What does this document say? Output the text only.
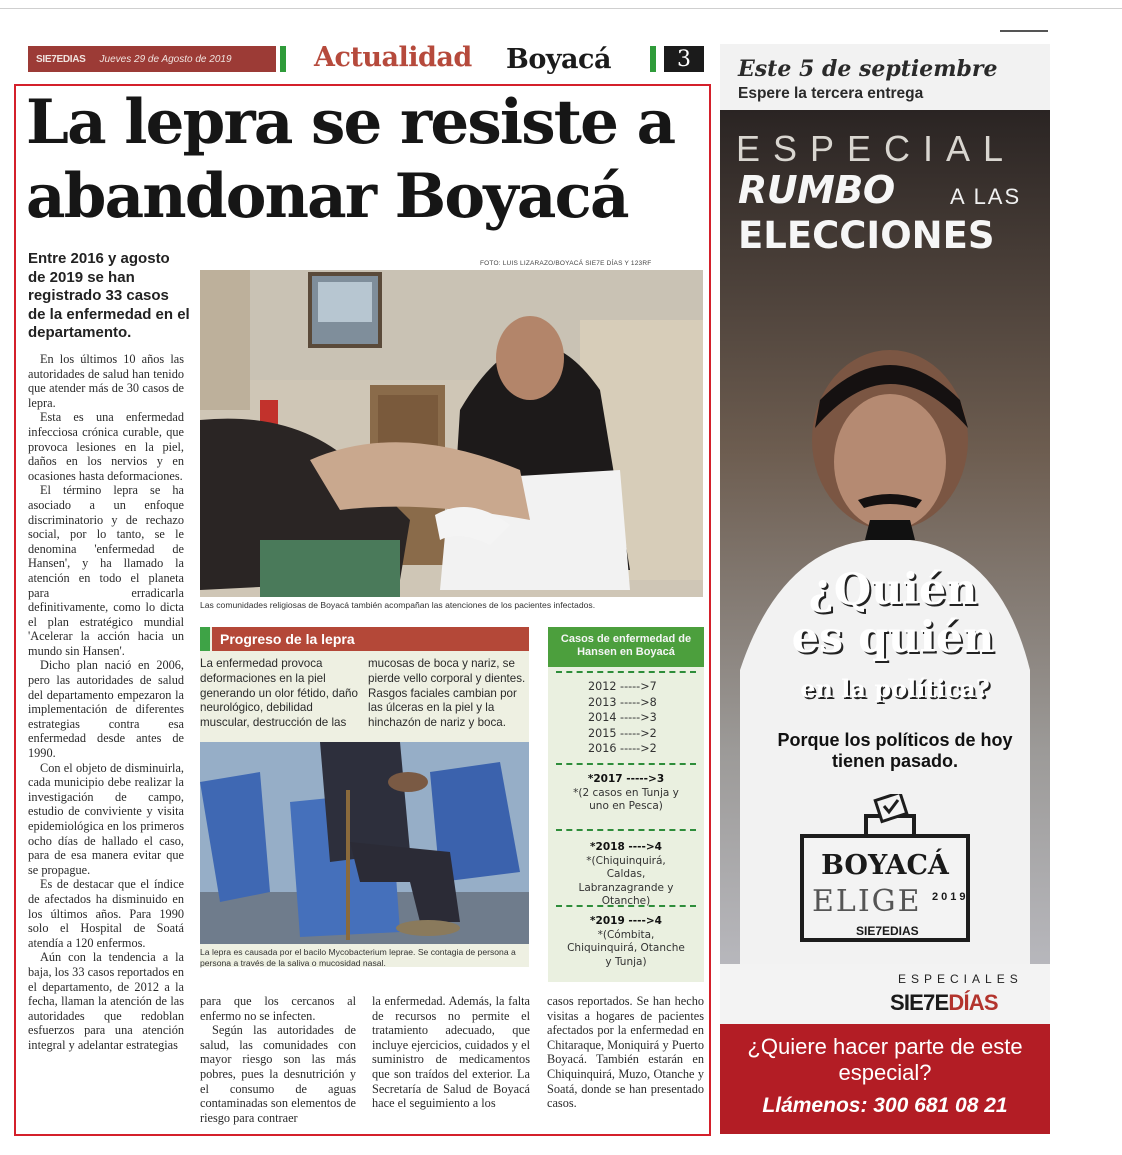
SIE7EDIAS Jueves 29 de Agosto de 2019	Actualidad Boyacá	3
La lepra se resiste a
abandonar Boyacá
Entre 2016 y agosto de 2019 se han registrado 33 casos de la enfermedad en el departamento.
FOTO: LUIS LIZARAZO/BOYACÁ SIE7E DÍAS Y 123RF

En los últimos 10 años las autoridades de salud han tenido que atender más de 30 casos de lepra.

Esta es una enfermedad infecciosa crónica curable, que provoca lesiones en la piel, daños en los nervios y en ocasiones hasta deformaciones.

El término lepra se ha asociado a un enfoque discriminatorio y de rechazo social, por lo tanto, se le denomina 'enfermedad de Hansen', y ha llamado la atención en todo el planeta para erradicarla definitivamente, como lo dicta el plan estratégico mundial 'Acelerar la acción hacia un mundo sin Hansen'.

Dicho plan nació en 2006, pero las autoridades de salud del departamento empezaron la implementación de diferentes estrategias contra esa enfermedad desde antes de 1990.

Con el objeto de disminuirla, cada municipio debe realizar la investigación de campo, estudio de conviviente y visita epidemiológica en los primeros ocho días de hallado el caso, para de esa manera evitar que se propague.

Es de destacar que el índice de afectados ha disminuido en los últimos años. Para 1990 solo el Hospital de Soatá atendía a 120 enfermos.

Aún con la tendencia a la baja, los 33 casos reportados en el departamento, de 2012 a la fecha, llaman la atención de las autoridades que redoblan esfuerzos para una atención integral y adelantar estrategias

Las comunidades religiosas de Boyacá también acompañan las atenciones de los pacientes infectados.
Progreso de la lepra
La enfermedad provoca deformaciones en la piel generando un olor fétido, daño neurológico, debilidad muscular, destrucción de las
mucosas de boca y nariz, se pierde vello corporal y dientes. Rasgos faciales cambian por las úlceras en la piel y la hinchazón de nariz y boca.
La lepra es causada por el bacilo Mycobacterium leprae. Se contagia de persona a persona a través de la saliva o mucosidad nasal.
Casos de enfermedad de Hansen en Boyacá
2012 ----->7
2013 ----->8
2014 ----->3
2015 ----->2
2016 ----->2
*2017 ----->3
*(2 casos en Tunja y uno en Pesca)
*2018 ---->4
*(Chiquinquirá, Caldas, Labranzagrande y Otanche)
*2019 ---->4
*(Cómbita, Chiquinquirá, Otanche y Tunja)

para que los cercanos al enfermo no se infecten.

Según las autoridades de salud, las comunidades con mayor riesgo son las más pobres, pues la desnutrición y el consumo de aguas contaminadas son elementos de riesgo para contraer

la enfermedad. Además, la falta de recursos no permite el tratamiento adecuado, que incluye ejercicios, cuidados y el suministro de medicamentos que son traídos del exterior. La Secretaría de Salud de Boyacá hace el seguimiento a los

casos reportados. Se han hecho visitas a hogares de pacientes afectados por la enfermedad en Chitaraque, Moniquirá y Puerto Boyacá. También estarán en Chiquinquirá, Muzo, Otanche y Soatá, donde se han presentado casos.

Este 5 de septiembre
Espere la tercera entrega
ESPECIAL
RUMBO	A LAS
ELECCIONES
¿Quién
es quién
en la política?
Porque los políticos de hoy tienen pasado.
BOYACÁ
ELIGE 2019
SIE7EDIAS
ESPECIALES
SIE7EDÍAS
¿Quiere hacer parte de este especial?
Llámenos: 300 681 08 21
